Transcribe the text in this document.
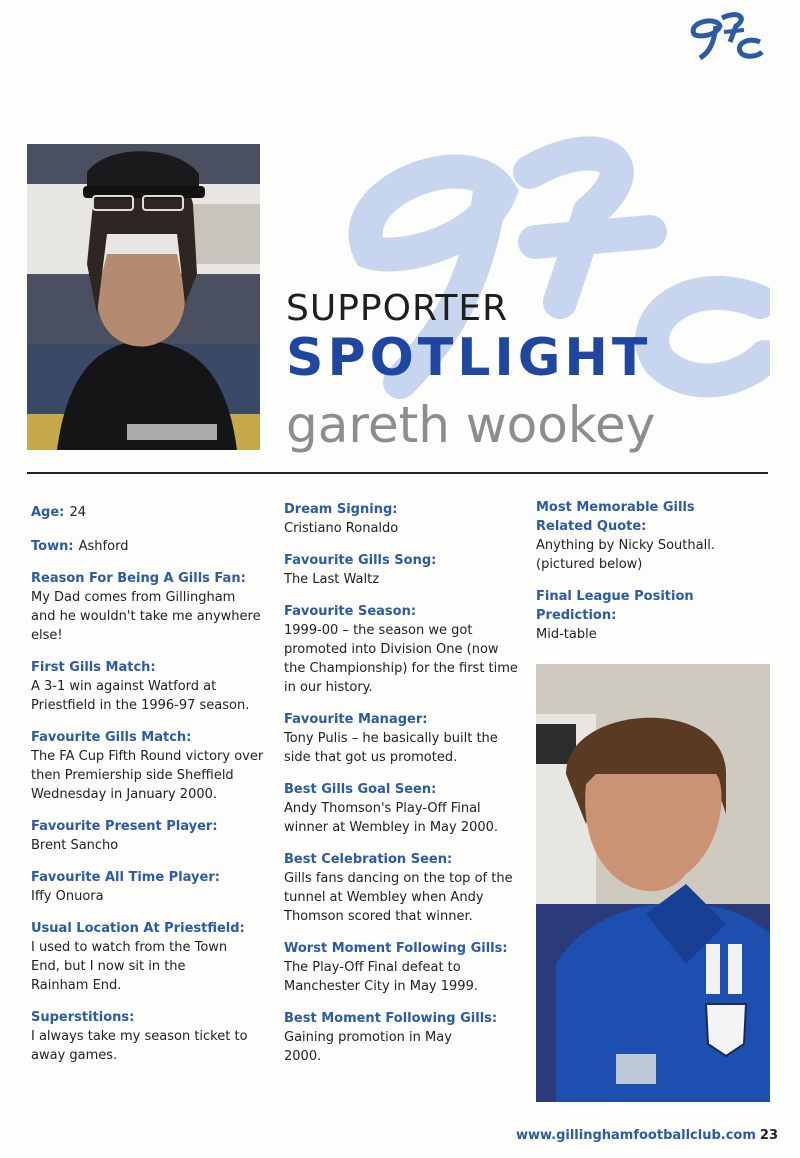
SUPPORTER
SPOTLIGHT
gareth wookey
Age: 24
Town: Ashford
Reason For Being A Gills Fan:
My Dad comes from Gillingham
and he wouldn't take me anywhere
else!
First Gills Match:
A 3-1 win against Watford at
Priestfield in the 1996-97 season.
Favourite Gills Match:
The FA Cup Fifth Round victory over
then Premiership side Sheffield
Wednesday in January 2000.
Favourite Present Player:
Brent Sancho
Favourite All Time Player:
Iffy Onuora
Usual Location At Priestfield:
I used to watch from the Town
End, but I now sit in the
Rainham End.
Superstitions:
I always take my season ticket to
away games.
Dream Signing:
Cristiano Ronaldo
Favourite Gills Song:
The Last Waltz
Favourite Season:
1999-00 – the season we got
promoted into Division One (now
the Championship) for the first time
in our history.
Favourite Manager:
Tony Pulis – he basically built the
side that got us promoted.
Best Gills Goal Seen:
Andy Thomson's Play-Off Final
winner at Wembley in May 2000.
Best Celebration Seen:
Gills fans dancing on the top of the
tunnel at Wembley when Andy
Thomson scored that winner.
Worst Moment Following Gills:
The Play-Off Final defeat to
Manchester City in May 1999.
Best Moment Following Gills:
Gaining promotion in May
2000.
Most Memorable Gills
Related Quote:
Anything by Nicky Southall.
(pictured below)
Final League Position
Prediction:
Mid-table
www.gillinghamfootballclub.com 23
